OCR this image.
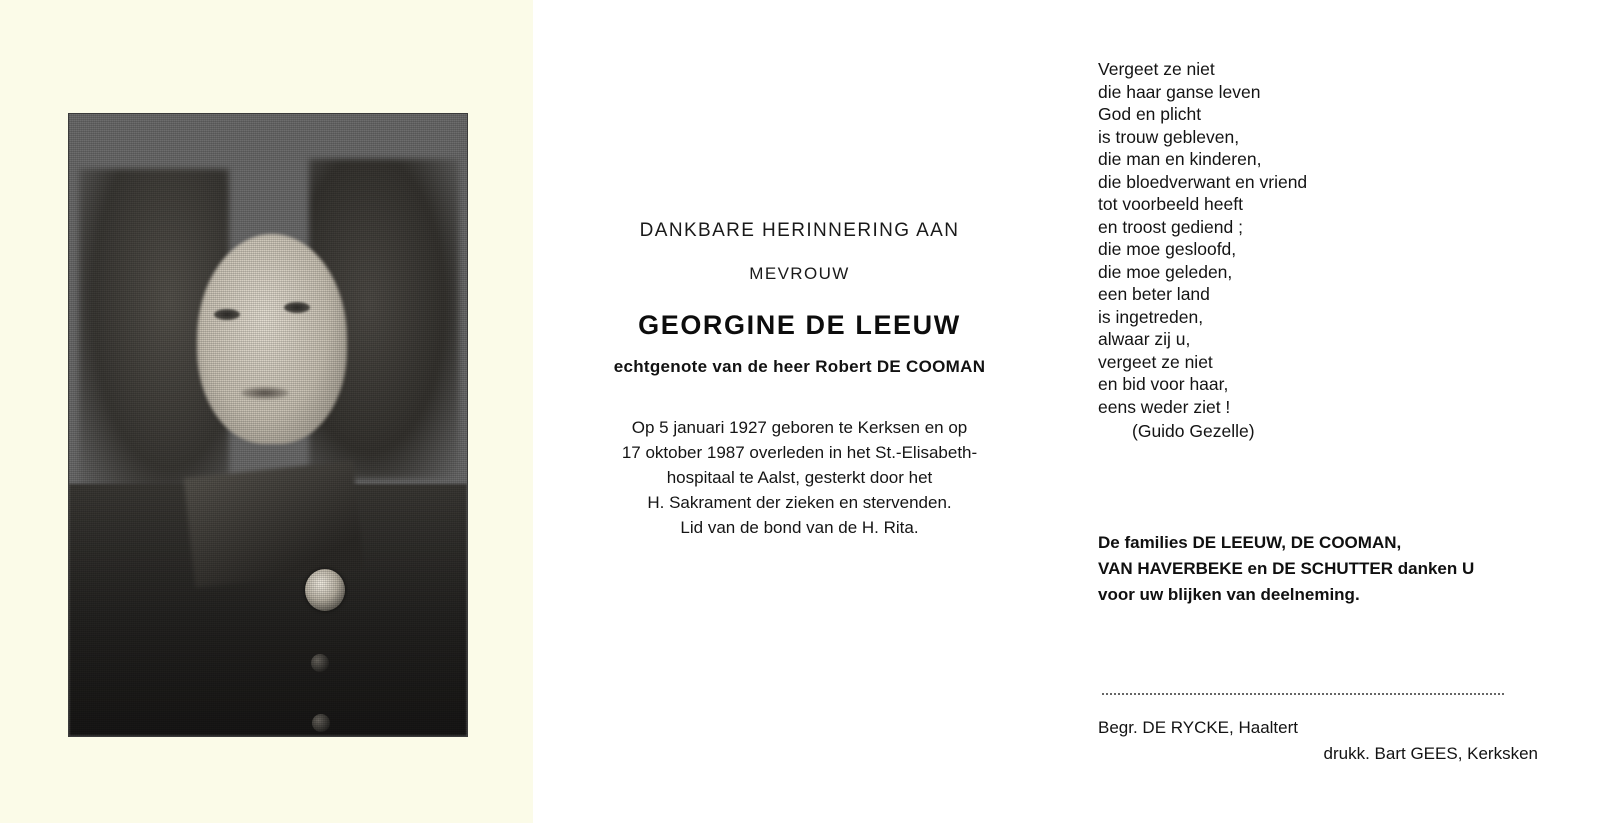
DANKBARE HERINNERING AAN
MEVROUW
GEORGINE DE LEEUW
echtgenote van de heer Robert DE COOMAN
Op 5 januari 1927 geboren te Kerksen en op
17 oktober 1987 overleden in het St.-Elisabeth-
hospitaal te Aalst, gesterkt door het
H. Sakrament der zieken en stervenden.
Lid van de bond van de H. Rita.
Vergeet ze niet
die haar ganse leven
God en plicht
is trouw gebleven,
die man en kinderen,
die bloedverwant en vriend
tot voorbeeld heeft
en troost gediend ;
die moe gesloofd,
die moe geleden,
een beter land
is ingetreden,
alwaar zij u,
vergeet ze niet
en bid voor haar,
eens weder ziet !
(Guido Gezelle)
De families DE LEEUW, DE COOMAN,
VAN HAVERBEKE en DE SCHUTTER danken U
voor uw blijken van deelneming.
Begr. DE RYCKE, Haaltert
drukk. Bart GEES, Kerksken
